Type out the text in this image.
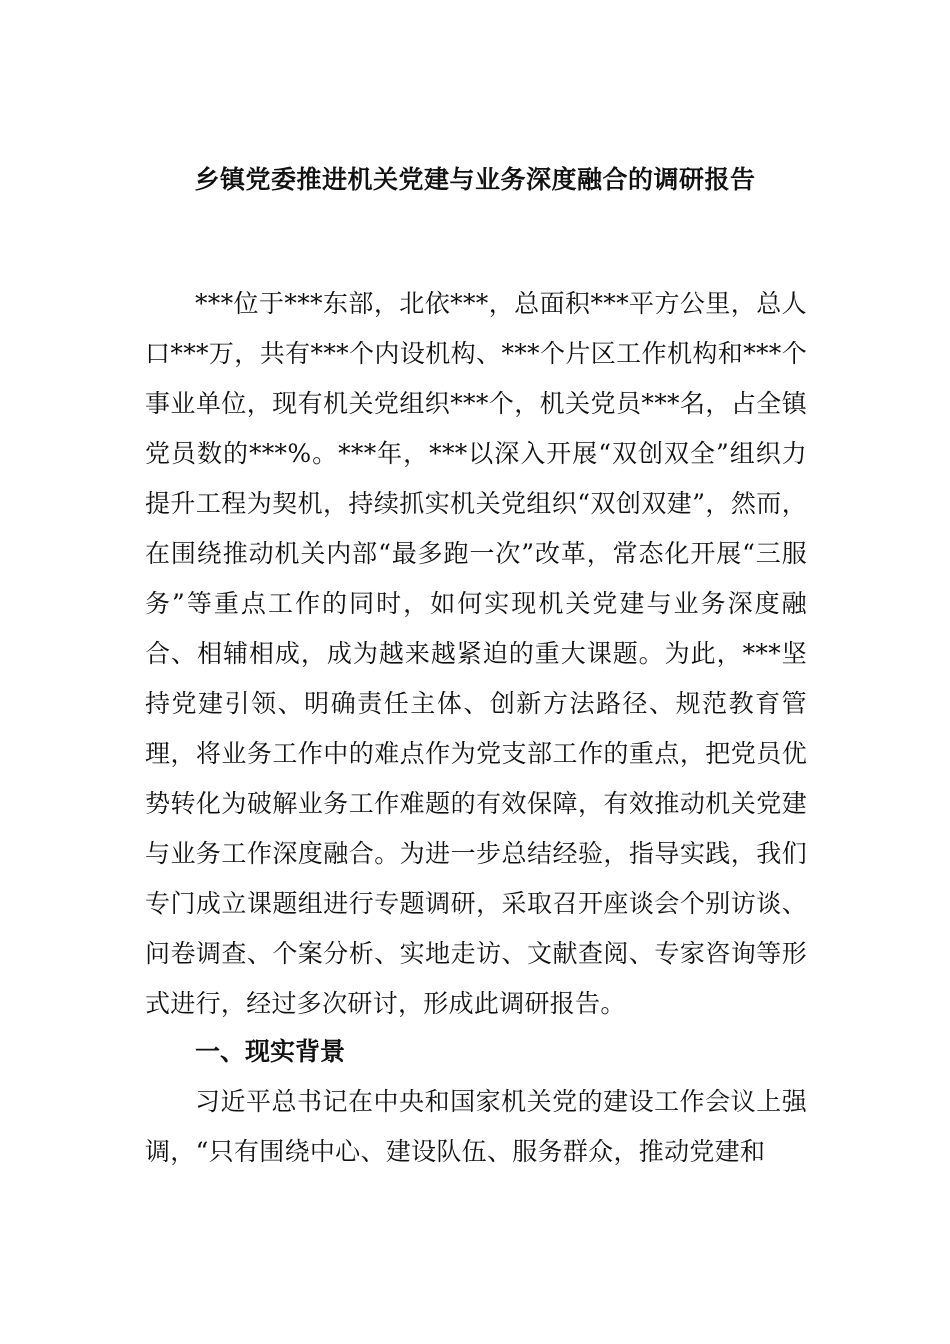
乡镇党委推进机关党建与业务深度融合的调研报告

***位于***东部，北依***，总面积***平方公里，总人口***万，共有***个内设机构、***个片区工作机构和***个事业单位，现有机关党组织***个，机关党员***名，占全镇党员数的***%。***年，***以深入开展“双创双全”组织力提升工程为契机，持续抓实机关党组织“双创双建”，然而，在围绕推动机关内部“最多跑一次”改革，常态化开展“三服务”等重点工作的同时，如何实现机关党建与业务深度融合、相辅相成，成为越来越紧迫的重大课题。为此，***坚持党建引领、明确责任主体、创新方法路径、规范教育管理，将业务工作中的难点作为党支部工作的重点，把党员优势转化为破解业务工作难题的有效保障，有效推动机关党建与业务工作深度融合。为进一步总结经验，指导实践，我们专门成立课题组进行专题调研，采取召开座谈会个别访谈、问卷调查、个案分析、实地走访、文献查阅、专家咨询等形式进行，经过多次研讨，形成此调研报告。

一、现实背景

习近平总书记在中央和国家机关党的建设工作会议上强调，“只有围绕中心、建设队伍、服务群众，推动党建和
